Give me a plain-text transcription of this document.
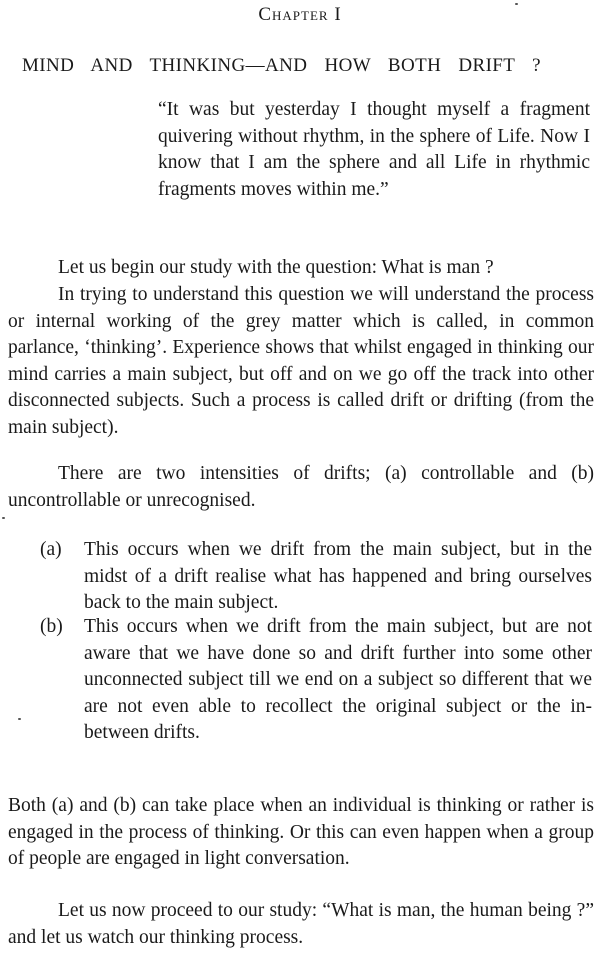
Chapter I
MIND AND THINKING—AND HOW BOTH DRIFT ?

“It was but yesterday I thought myself a fragment quivering without rhythm, in the sphere of Life. Now I know that I am the sphere and all Life in rhythmic fragments moves within me.”

Let us begin our study with the question: What is man ?

In trying to understand this question we will understand the process or internal working of the grey matter which is called, in common parlance, ‘thinking’. Experience shows that whilst engaged in thinking our mind carries a main subject, but off and on we go off the track into other disconnected subjects. Such a process is called drift or drifting (from the main subject).

There are two intensities of drifts; (a) controllable and (b) uncontrollable or unrecognised.

(a)	This occurs when we drift from the main subject, but in the midst of a drift realise what has happened and bring ourselves back to the main subject.
(b)	This occurs when we drift from the main subject, but are not aware that we have done so and drift further into some other unconnected subject till we end on a subject so different that we are not even able to recollect the original subject or the in-between drifts.

Both (a) and (b) can take place when an individual is thinking or rather is engaged in the process of thinking. Or this can even happen when a group of people are engaged in light conversation.

Let us now proceed to our study: “What is man, the human being ?” and let us watch our thinking process.
